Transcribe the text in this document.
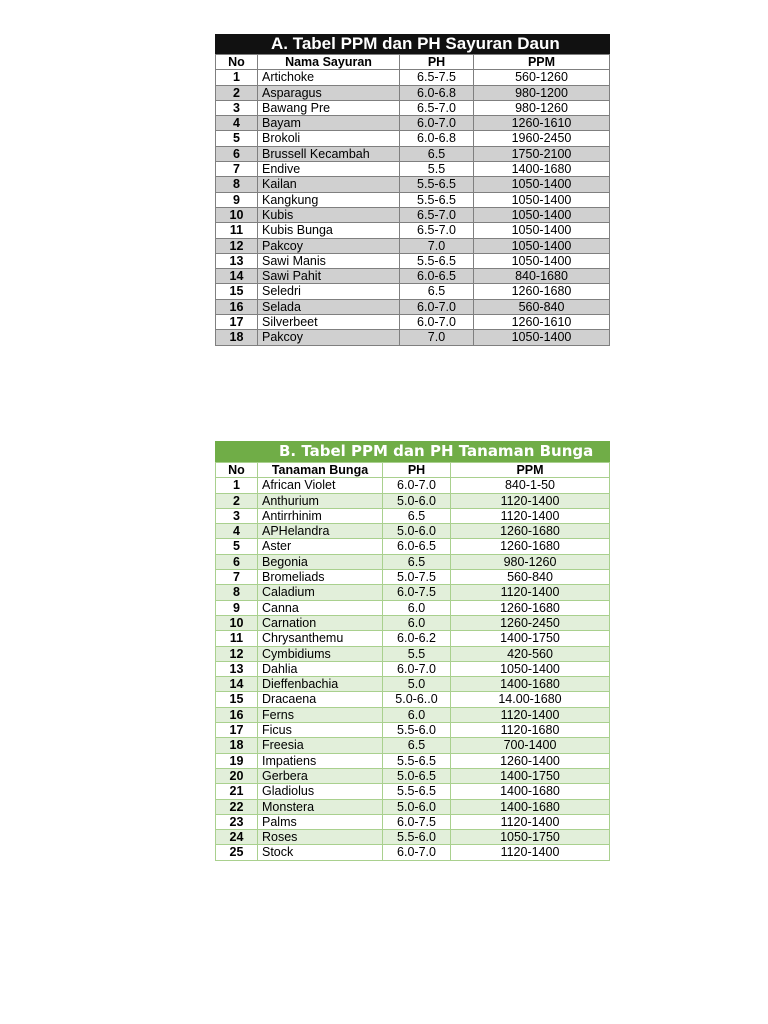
A. Tabel PPM dan PH Sayuran Daun
No	Nama Sayuran	PH	PPM
1	Artichoke	6.5-7.5	560-1260
2	Asparagus	6.0-6.8	980-1200
3	Bawang Pre	6.5-7.0	980-1260
4	Bayam	6.0-7.0	1260-1610
5	Brokoli	6.0-6.8	1960-2450
6	Brussell Kecambah	6.5	1750-2100
7	Endive	5.5	1400-1680
8	Kailan	5.5-6.5	1050-1400
9	Kangkung	5.5-6.5	1050-1400
10	Kubis	6.5-7.0	1050-1400
11	Kubis Bunga	6.5-7.0	1050-1400
12	Pakcoy	7.0	1050-1400
13	Sawi Manis	5.5-6.5	1050-1400
14	Sawi Pahit	6.0-6.5	840-1680
15	Seledri	6.5	1260-1680
16	Selada	6.0-7.0	560-840
17	Silverbeet	6.0-7.0	1260-1610
18	Pakcoy	7.0	1050-1400
B. Tabel PPM dan PH Tanaman Bunga
No	Tanaman Bunga	PH	PPM
1	African Violet	6.0-7.0	840-1-50
2	Anthurium	5.0-6.0	1120-1400
3	Antirrhinim	6.5	1120-1400
4	APHelandra	5.0-6.0	1260-1680
5	Aster	6.0-6.5	1260-1680
6	Begonia	6.5	980-1260
7	Bromeliads	5.0-7.5	560-840
8	Caladium	6.0-7.5	1120-1400
9	Canna	6.0	1260-1680
10	Carnation	6.0	1260-2450
11	Chrysanthemu	6.0-6.2	1400-1750
12	Cymbidiums	5.5	420-560
13	Dahlia	6.0-7.0	1050-1400
14	Dieffenbachia	5.0	1400-1680
15	Dracaena	5.0-6..0	14.00-1680
16	Ferns	6.0	1120-1400
17	Ficus	5.5-6.0	1120-1680
18	Freesia	6.5	700-1400
19	Impatiens	5.5-6.5	1260-1400
20	Gerbera	5.0-6.5	1400-1750
21	Gladiolus	5.5-6.5	1400-1680
22	Monstera	5.0-6.0	1400-1680
23	Palms	6.0-7.5	1120-1400
24	Roses	5.5-6.0	1050-1750
25	Stock	6.0-7.0	1120-1400
